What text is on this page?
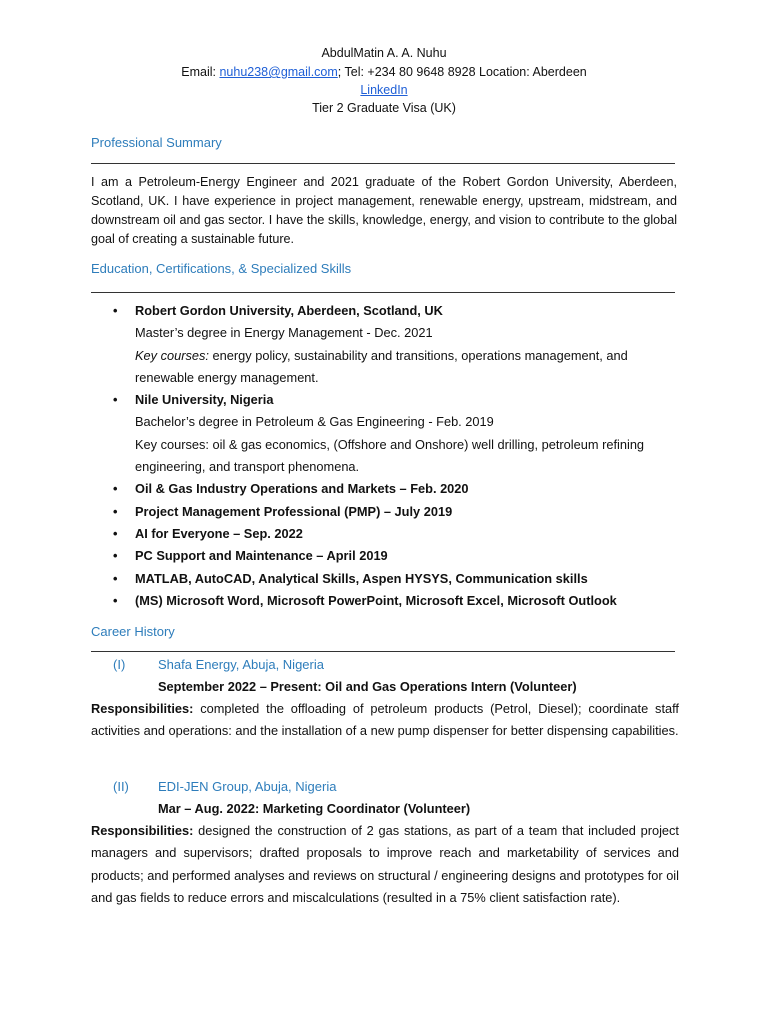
AbdulMatin A. A. Nuhu
Email: nuhu238@gmail.com; Tel: +234 80 9648 8928 Location: Aberdeen
LinkedIn
Tier 2 Graduate Visa (UK)
Professional Summary
I am a Petroleum-Energy Engineer and 2021 graduate of the Robert Gordon University, Aberdeen, Scotland, UK. I have experience in project management, renewable energy, upstream, midstream, and downstream oil and gas sector. I have the skills, knowledge, energy, and vision to contribute to the global goal of creating a sustainable future.
Education, Certifications, & Specialized Skills
• Robert Gordon University, Aberdeen, Scotland, UK
Master’s degree in Energy Management - Dec. 2021
Key courses: energy policy, sustainability and transitions, operations management, and renewable energy management.
• Nile University, Nigeria
Bachelor’s degree in Petroleum & Gas Engineering - Feb. 2019
Key courses: oil & gas economics, (Offshore and Onshore) well drilling, petroleum refining engineering, and transport phenomena.
• Oil & Gas Industry Operations and Markets – Feb. 2020
• Project Management Professional (PMP) – July 2019
• AI for Everyone – Sep. 2022
• PC Support and Maintenance – April 2019
• MATLAB, AutoCAD, Analytical Skills, Aspen HYSYS, Communication skills
• (MS) Microsoft Word, Microsoft PowerPoint, Microsoft Excel, Microsoft Outlook
Career History
(I)	Shafa Energy, Abuja, Nigeria
September 2022 – Present: Oil and Gas Operations Intern (Volunteer)
Responsibilities: completed the offloading of petroleum products (Petrol, Diesel); coordinate staff activities and operations: and the installation of a new pump dispenser for better dispensing capabilities.
(II) EDI-JEN Group, Abuja, Nigeria
Mar – Aug. 2022: Marketing Coordinator (Volunteer)
Responsibilities: designed the construction of 2 gas stations, as part of a team that included project managers and supervisors; drafted proposals to improve reach and marketability of services and products; and performed analyses and reviews on structural / engineering designs and prototypes for oil and gas fields to reduce errors and miscalculations (resulted in a 75% client satisfaction rate).
